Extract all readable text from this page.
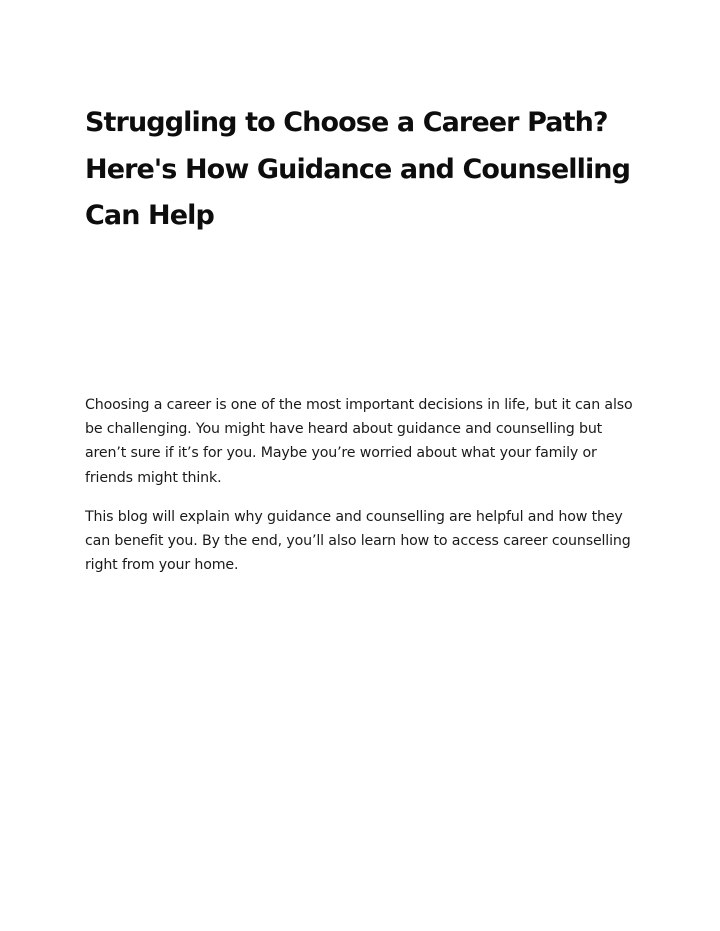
Struggling to Choose a Career Path? Here's How Guidance and Counselling Can Help

Choosing a career is one of the most important decisions in life, but it can also be challenging. You might have heard about guidance and counselling but aren’t sure if it’s for you. Maybe you’re worried about what your family or friends might think.

This blog will explain why guidance and counselling are helpful and how they can benefit you. By the end, you’ll also learn how to access career counselling right from your home.
